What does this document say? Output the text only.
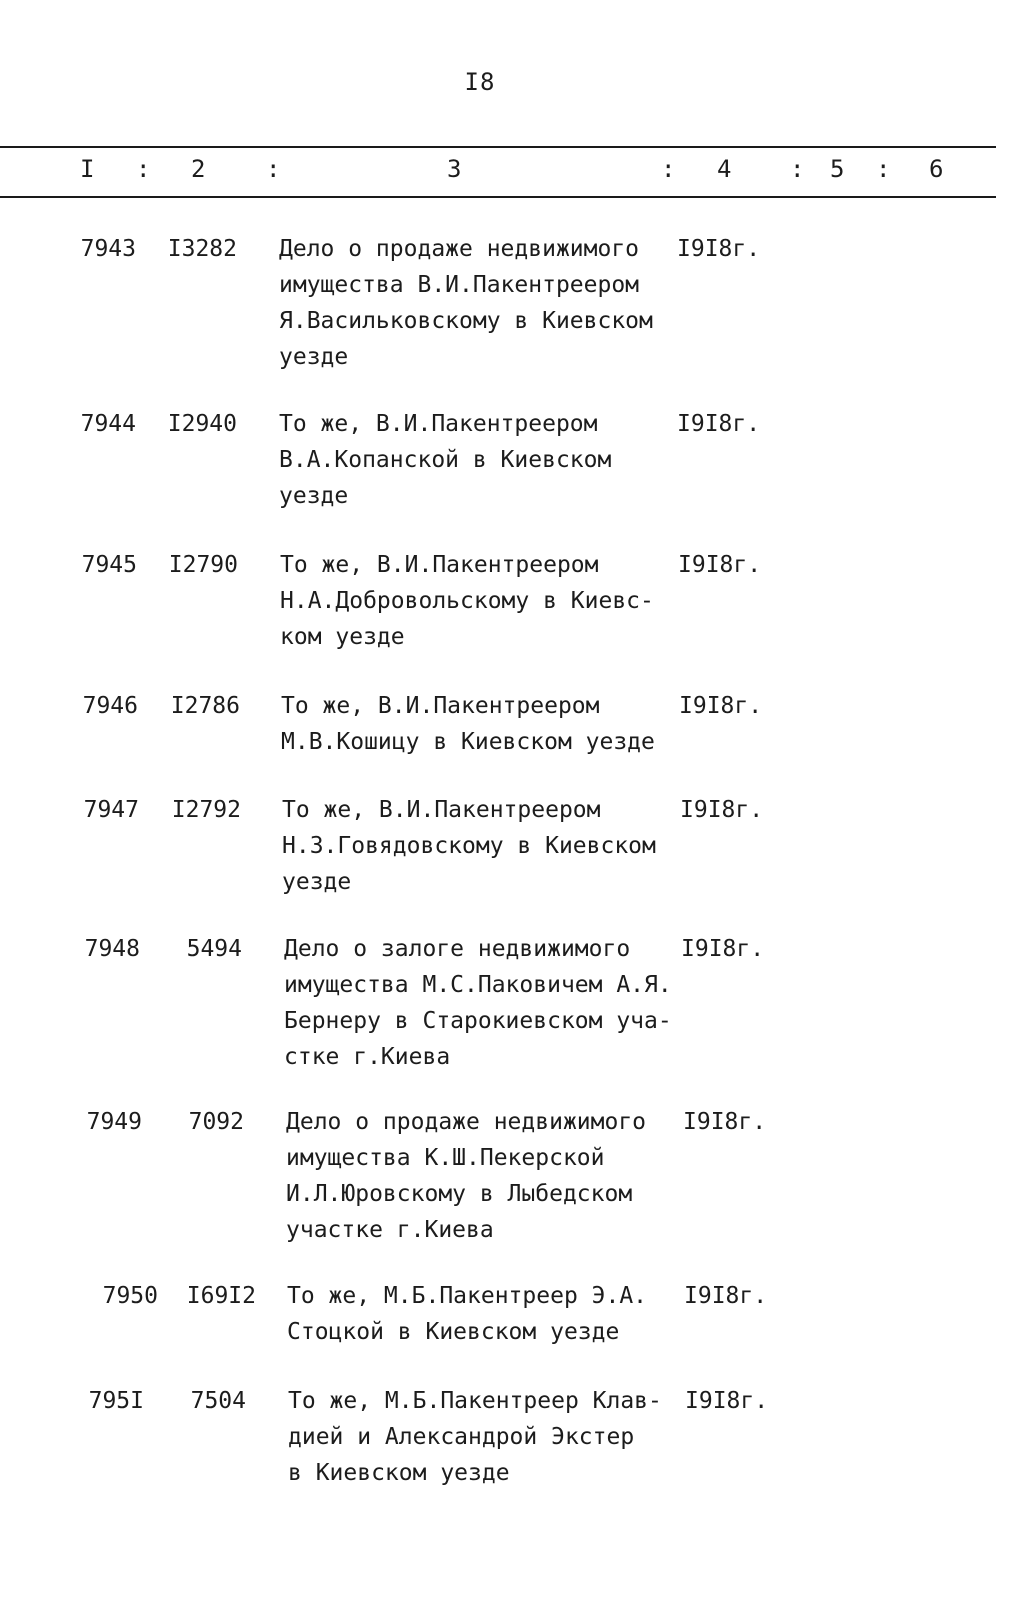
I8
I : 2	:	3	: 4 : 5 : 6
7943	I3282 Дело о продаже недвижимого
имущества В.И.Пакентреером
Я.Васильковскому в Киевском
уезде
I9I8г.
7944	I2940 То же, В.И.Пакентреером
В.А.Копанской в Киевском
уезде
I9I8г.
7945	I2790 То же, В.И.Пакентреером
Н.А.Добровольскому в Киевс-
ком уезде
I9I8г.
7946	I2786 То же, В.И.Пакентреером
М.В.Кошицу в Киевском уезде
I9I8г.
7947	I2792 То же, В.И.Пакентреером
Н.З.Говядовскому в Киевском
уезде
I9I8г.
7948	5494 Дело о залоге недвижимого
имущества М.С.Паковичем А.Я.
Бернеру в Старокиевском уча-
стке г.Киева
I9I8г.
7949	7092 Дело о продаже недвижимого
имущества К.Ш.Пекерской
И.Л.Юровскому в Лыбедском
участке г.Киева
I9I8г.
7950	I69I2 То же, М.Б.Пакентреер Э.А.
Стоцкой в Киевском уезде
I9I8г.
795I	7504 То же, М.Б.Пакентреер Клав-
дией и Александрой Экстер
в Киевском уезде
I9I8г.
